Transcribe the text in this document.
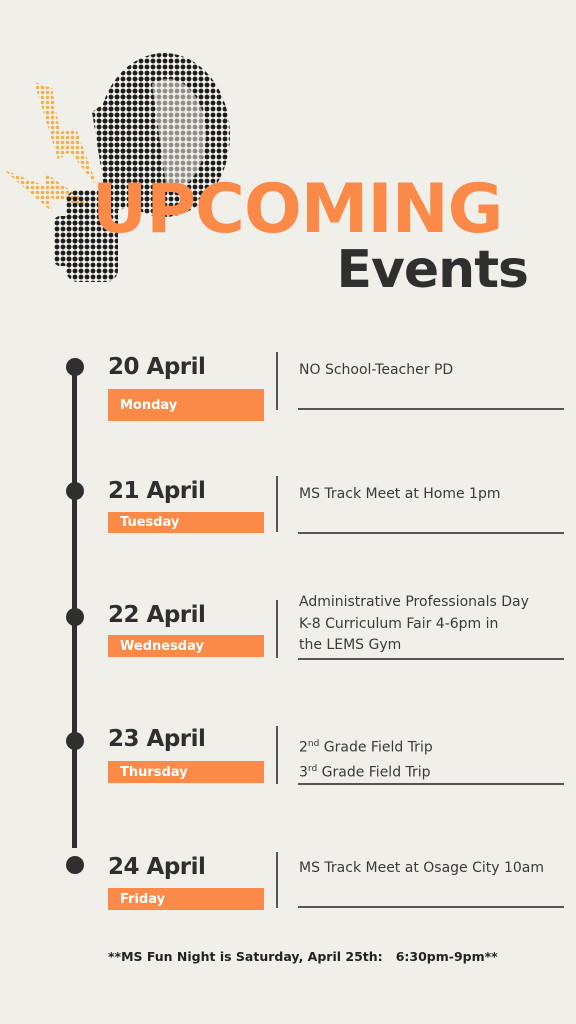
UPCOMING
Events
20 April
Monday
NO School-Teacher PD
21 April
Tuesday
MS Track Meet at Home 1pm
22 April
Wednesday
Administrative Professionals Day
K-8 Curriculum Fair 4-6pm in
the LEMS Gym
23 April
Thursday
2nd Grade Field Trip
3rd Grade Field Trip
24 April
Friday
MS Track Meet at Osage City 10am
**MS Fun Night is Saturday, April 25th:   6:30pm-9pm**
